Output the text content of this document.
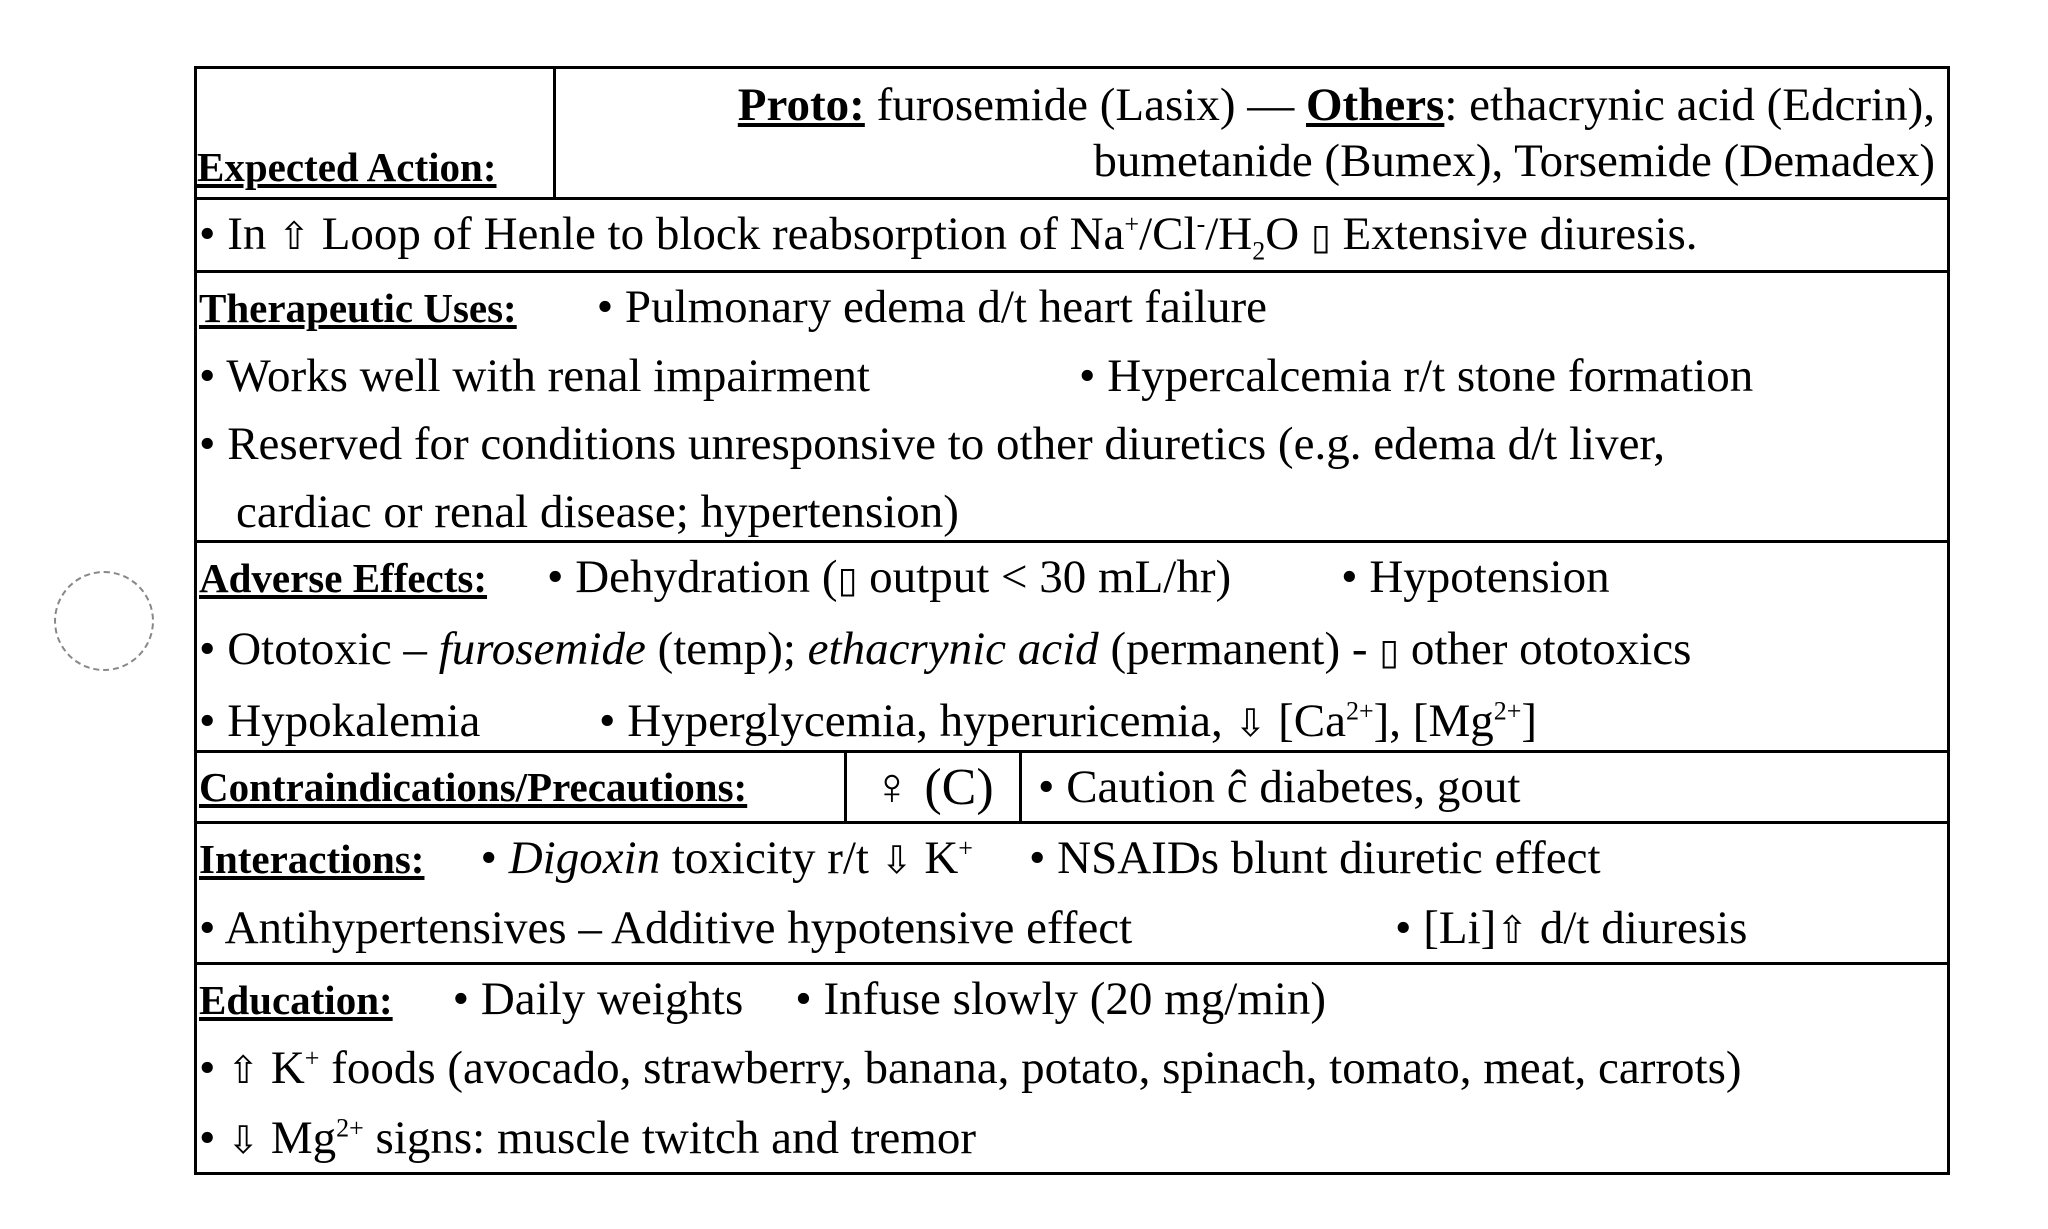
Expected Action:
Proto: furosemide (Lasix) — Others: ethacrynic acid (Edcrin),
bumetanide (Bumex), Torsemide (Demadex)
• In ⇧ Loop of Henle to block reabsorption of $Na^+/Cl^-/H_2O$ ▯ Extensive diuresis.
Therapeutic Uses: • Pulmonary edema d/t heart failure
• Works well with renal impairment	• Hypercalcemia r/t stone formation
• Reserved for conditions unresponsive to other diuretics (e.g. edema d/t liver,
cardiac or renal disease; hypertension)
Adverse Effects: • Dehydration (▯ output < 30 mL/hr) • Hypotension
• Ototoxic – furosemide (temp); ethacrynic acid (permanent) - ▯ other ototoxics
• Hypokalemia	• Hyperglycemia, hyperuricemia, ⇩ $[Ca^{2+}]$, $[Mg^{2+}]$
Contraindications/Precautions:	♀ (C) • Caution ĉ diabetes, gout
Interactions: • Digoxin toxicity r/t ⇩ K+ • NSAIDs blunt diuretic effect
• Antihypertensives – Additive hypotensive effect	• [Li]⇧ d/t diuresis
Education: • Daily weights • Infuse slowly (20 mg/min)
• ⇧ K+ foods (avocado, strawberry, banana, potato, spinach, tomato, meat, carrots)
• ⇩ $Mg^{2+}$ signs: muscle twitch and tremor
